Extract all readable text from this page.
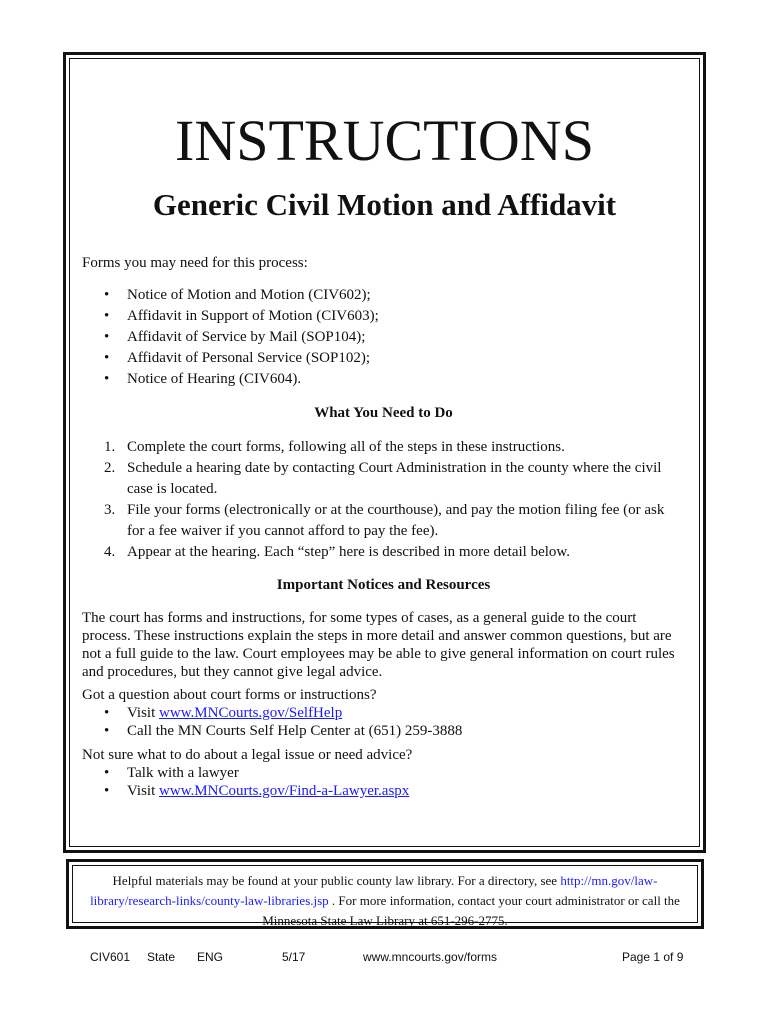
INSTRUCTIONS
Generic Civil Motion and Affidavit

Forms you may need for this process:

• Notice of Motion and Motion (CIV602);
• Affidavit in Support of Motion (CIV603);
• Affidavit of Service by Mail (SOP104);
• Affidavit of Personal Service (SOP102);
• Notice of Hearing (CIV604).

What You Need to Do

1. Complete the court forms, following all of the steps in these instructions.
2. Schedule a hearing date by contacting Court Administration in the county where the civil case is located.
3. File your forms (electronically or at the courthouse), and pay the motion filing fee (or ask for a fee waiver if you cannot afford to pay the fee).
4. Appear at the hearing. Each “step” here is described in more detail below.

Important Notices and Resources

The court has forms and instructions, for some types of cases, as a general guide to the court process. These instructions explain the steps in more detail and answer common questions, but are not a full guide to the law. Court employees may be able to give general information on court rules and procedures, but they cannot give legal advice.

Got a question about court forms or instructions?

• Visit www.MNCourts.gov/SelfHelp
• Call the MN Courts Self Help Center at (651) 259-3888

Not sure what to do about a legal issue or need advice?

• Talk with a lawyer
• Visit www.MNCourts.gov/Find-a-Lawyer.aspx
Helpful materials may be found at your public county law library. For a directory, see http://mn.gov/law-library/research-links/county-law-libraries.jsp . For more information, contact your court administrator or call the Minnesota State Law Library at 651-296-2775.
CIV601 State ENG	5/17	www.mncourts.gov/forms	Page 1 of 9
